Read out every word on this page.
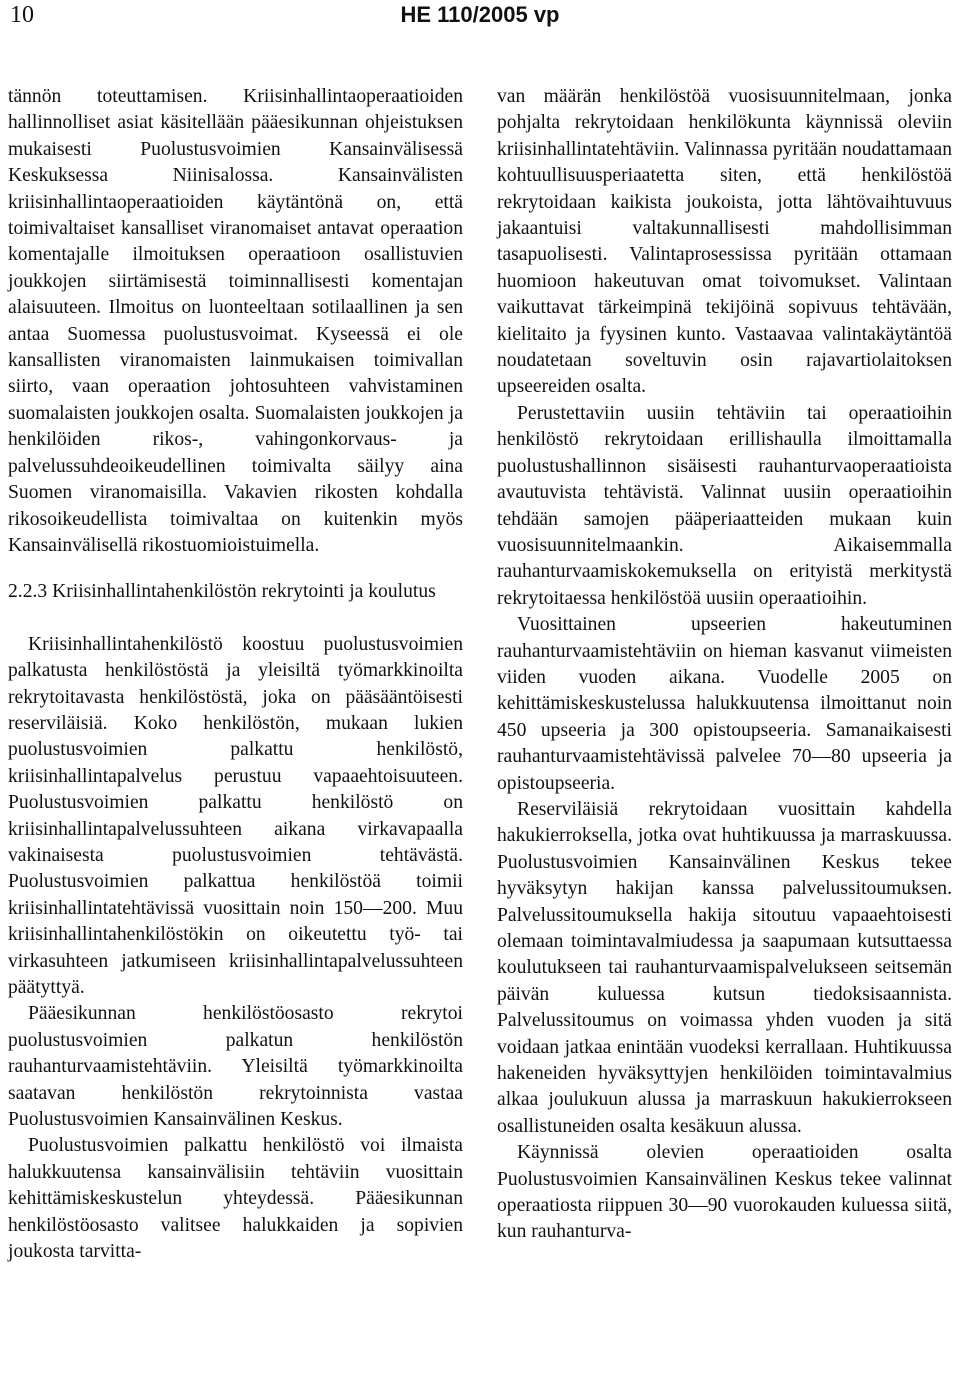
10	HE 110/2005 vp

tännön toteuttamisen. Kriisinhallintaoperaatioiden hallinnolliset asiat käsitellään pääesikunnan ohjeistuksen mukaisesti Puolustusvoimien Kansainvälisessä Keskuksessa Niinisalossa. Kansainvälisten kriisinhallintaoperaatioiden käytäntönä on, että toimivaltaiset kansalliset viranomaiset antavat operaation komentajalle ilmoituksen operaatioon osallistuvien joukkojen siirtämisestä toiminnallisesti komentajan alaisuuteen. Ilmoitus on luonteeltaan sotilaallinen ja sen antaa Suomessa puolustusvoimat. Kyseessä ei ole kansallisten viranomaisten lainmukaisen toimivallan siirto, vaan operaation johtosuhteen vahvistaminen suomalaisten joukkojen osalta. Suomalaisten joukkojen ja henkilöiden rikos-, vahingonkorvaus- ja palvelussuhdeoikeudellinen toimivalta säilyy aina Suomen viranomaisilla. Vakavien rikosten kohdalla rikosoikeudellista toimivaltaa on kuitenkin myös Kansainvälisellä rikostuomioistuimella.

2.2.3 Kriisinhallintahenkilöstön rekrytointi ja koulutus

Kriisinhallintahenkilöstö koostuu puolustusvoimien palkatusta henkilöstöstä ja yleisiltä työmarkkinoilta rekrytoitavasta henkilöstöstä, joka on pääsääntöisesti reserviläisiä. Koko henkilöstön, mukaan lukien puolustusvoimien palkattu henkilöstö, kriisinhallintapalvelus perustuu vapaaehtoisuuteen. Puolustusvoimien palkattu henkilöstö on kriisinhallintapalvelussuhteen aikana virkavapaalla vakinaisesta puolustusvoimien tehtävästä. Puolustusvoimien palkattua henkilöstöä toimii kriisinhallintatehtävissä vuosittain noin 150—200. Muu kriisinhallintahenkilöstökin on oikeutettu työ- tai virkasuhteen jatkumiseen kriisinhallintapalvelussuhteen päätyttyä.

Pääesikunnan henkilöstöosasto rekrytoi puolustusvoimien palkatun henkilöstön rauhanturvaamistehtäviin. Yleisiltä työmarkkinoilta saatavan henkilöstön rekrytoinnista vastaa Puolustusvoimien Kansainvälinen Keskus.

Puolustusvoimien palkattu henkilöstö voi ilmaista halukkuutensa kansainvälisiin tehtäviin vuosittain kehittämiskeskustelun yhteydessä. Pääesikunnan henkilöstöosasto valitsee halukkaiden ja sopivien joukosta tarvitta-

van määrän henkilöstöä vuosisuunnitelmaan, jonka pohjalta rekrytoidaan henkilökunta käynnissä oleviin kriisinhallintatehtäviin. Valinnassa pyritään noudattamaan kohtuullisuusperiaatetta siten, että henkilöstöä rekrytoidaan kaikista joukoista, jotta lähtövaihtuvuus jakaantuisi valtakunnallisesti mahdollisimman tasapuolisesti. Valintaprosessissa pyritään ottamaan huomioon hakeutuvan omat toivomukset. Valintaan vaikuttavat tärkeimpinä tekijöinä sopivuus tehtävään, kielitaito ja fyysinen kunto. Vastaavaa valintakäytäntöä noudatetaan soveltuvin osin rajavartiolaitoksen upseereiden osalta.

Perustettaviin uusiin tehtäviin tai operaatioihin henkilöstö rekrytoidaan erillishaulla ilmoittamalla puolustushallinnon sisäisesti rauhanturvaoperaatioista avautuvista tehtävistä. Valinnat uusiin operaatioihin tehdään samojen pääperiaatteiden mukaan kuin vuosisuunnitelmaankin. Aikaisemmalla rauhanturvaamiskokemuksella on erityistä merkitystä rekrytoitaessa henkilöstöä uusiin operaatioihin.

Vuosittainen upseerien hakeutuminen rauhanturvaamistehtäviin on hieman kasvanut viimeisten viiden vuoden aikana. Vuodelle 2005 on kehittämiskeskustelussa halukkuutensa ilmoittanut noin 450 upseeria ja 300 opistoupseeria. Samanaikaisesti rauhanturvaamistehtävissä palvelee 70—80 upseeria ja opistoupseeria.

Reserviläisiä rekrytoidaan vuosittain kahdella hakukierroksella, jotka ovat huhtikuussa ja marraskuussa. Puolustusvoimien Kansainvälinen Keskus tekee hyväksytyn hakijan kanssa palvelussitoumuksen. Palvelussitoumuksella hakija sitoutuu vapaaehtoisesti olemaan toimintavalmiudessa ja saapumaan kutsuttaessa koulutukseen tai rauhanturvaamispalvelukseen seitsemän päivän kuluessa kutsun tiedoksisaannista. Palvelussitoumus on voimassa yhden vuoden ja sitä voidaan jatkaa enintään vuodeksi kerrallaan. Huhtikuussa hakeneiden hyväksyttyjen henkilöiden toimintavalmius alkaa joulukuun alussa ja marraskuun hakukierrokseen osallistuneiden osalta kesäkuun alussa.

Käynnissä olevien operaatioiden osalta Puolustusvoimien Kansainvälinen Keskus tekee valinnat operaatiosta riippuen 30—90 vuorokauden kuluessa siitä, kun rauhanturva-
